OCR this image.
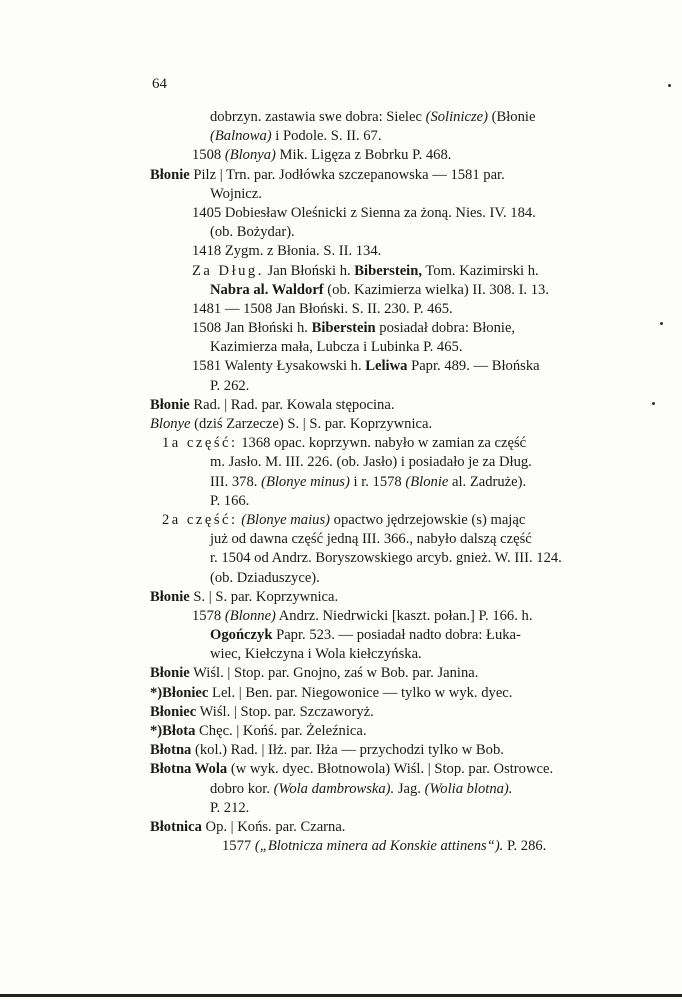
64
dobrzyn. zastawia swe dobra: Sielec (Solinicze) (Błonie
(Balnowa) i Podole. S. II. 67.
1508 (Blonya) Mik. Ligęza z Bobrku P. 468.
Błonie Pilz | Trn. par. Jodłówka szczepanowska — 1581 par.
Wojnicz.
1405 Dobiesław Oleśnicki z Sienna za żoną. Nies. IV. 184.
(ob. Bożydar).
1418 Zygm. z Błonia. S. II. 134.
Za Dług. Jan Błoński h. Biberstein, Tom. Kazimirski h.
Nabra al. Waldorf (ob. Kazimierza wielka) II. 308. I. 13.
1481 — 1508 Jan Błoński. S. II. 230. P. 465.
1508 Jan Błoński h. Biberstein posiadał dobra: Błonie,
Kazimierza mała, Lubcza i Lubinka P. 465.
1581 Walenty Łysakowski h. Leliwa Papr. 489. — Błońska
P. 262.
Błonie Rad. | Rad. par. Kowala stępocina.
Blonye (dziś Zarzecze) S. | S. par. Koprzywnica.
1a część: 1368 opac. koprzywn. nabyło w zamian za część
m. Jasło. M. III. 226. (ob. Jasło) i posiadało je za Dług.
III. 378. (Blonye minus) i r. 1578 (Blonie al. Zadruże).
P. 166.
2a część: (Blonye maius) opactwo jędrzejowskie (s) mając
już od dawna część jedną III. 366., nabyło dalszą część
r. 1504 od Andrz. Boryszowskiego arcyb. gnież. W. III. 124.
(ob. Dziaduszyce).
Błonie S. | S. par. Koprzywnica.
1578 (Blonne) Andrz. Niedrwicki [kaszt. połan.] P. 166. h.
Ogończyk Papr. 523. — posiadał nadto dobra: Łuka-
wiec, Kiełczyna i Wola kiełczyńska.
Błonie Wiśl. | Stop. par. Gnojno, zaś w Bob. par. Janina.
*)Błoniec Lel. | Ben. par. Niegowonice — tylko w wyk. dyec.
Błoniec Wiśl. | Stop. par. Szczaworyż.
*)Błota Chęc. | Końś. par. Żeleźnica.
Błotna (kol.) Rad. | Iłż. par. Iłża — przychodzi tylko w Bob.
Błotna Wola (w wyk. dyec. Błotnowola) Wiśl. | Stop. par. Ostrowce.
dobro kor. (Wola dambrowska). Jag. (Wolia blotna).
P. 212.
Błotnica Op. | Końs. par. Czarna.
1577 („Blotnicza minera ad Konskie attinens“). P. 286.
